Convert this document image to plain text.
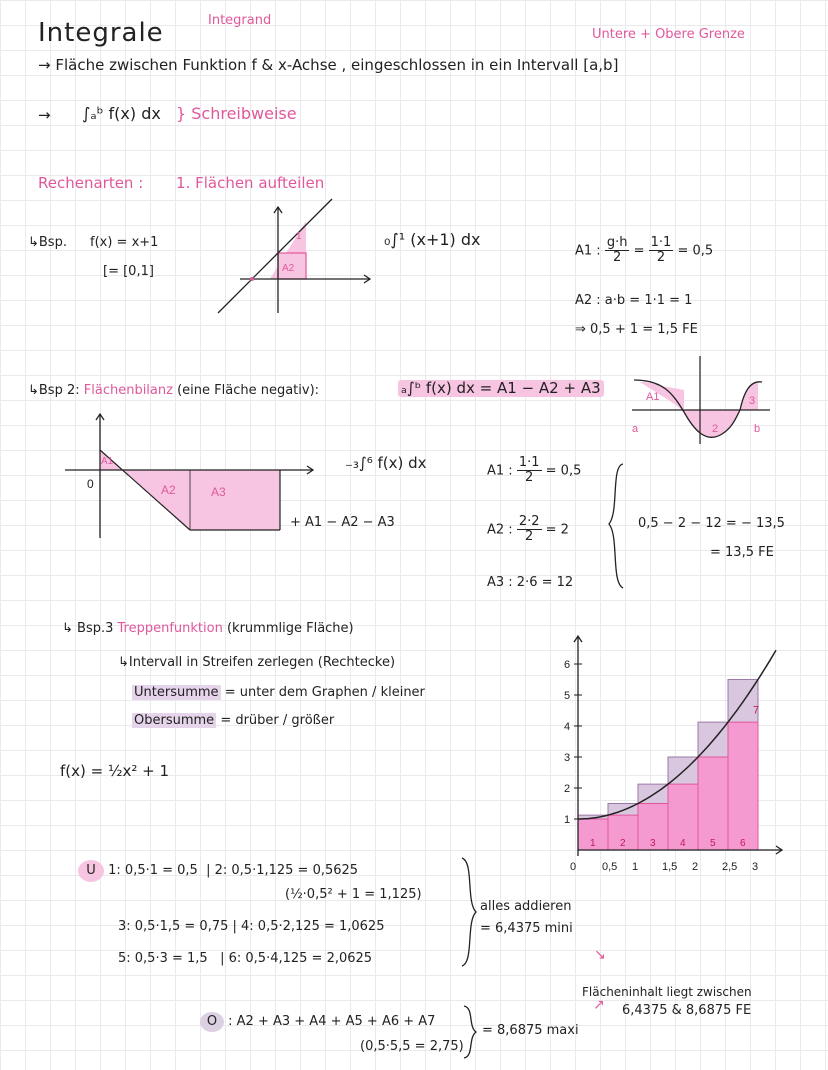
Integrale	Integrand
Untere + Obere Grenze
→ Fläche zwischen Funktion f & x-Achse , eingeschlossen in ein Intervall [a,b]
→ ∫ₐᵇ f(x) dx } Schreibweise
Rechenarten : 1. Flächen aufteilen
↳Bsp. f(x) = x+1
[= [0,1]
1
A2
₀∫¹ (x+1) dx
A1 : $\frac{g\cdot h}{2} = \frac{1\cdot 1}{2} = 0,5$
A2 : a·b = 1·1 = 1
⇒ 0,5 + 1 = 1,5 FE
↳Bsp 2: Flächenbilanz (eine Fläche negativ):	ₐ∫ᵇ f(x) dx = A1 − A2 + A3	A1
2
3
a	b
0
A1
A2	A3
₋₃∫⁶ f(x) dx
+ A1 − A2 − A3
A1 : $\frac{1\cdot 1}{2} = 0,5$
A2 : $\frac{2\cdot 2}{2} = 2$
A3 : 2·6 = 12
0,5 − 2 − 12 = − 13,5
= 13,5 FE
↳ Bsp.3 Treppenfunktion (krummlige Fläche)
↳Intervall in Streifen zerlegen (Rechtecke)
Untersumme = unter dem Graphen / kleiner
Obersumme = drüber / größer
f(x) = ½x² + 1
1
2
3
4
5
6
0 0,5 1 1,5 2 2,5 3
1 2 3 4 5 6
7
U 1: 0,5·1 = 0,5 | 2: 0,5·1,125 = 0,5625
(½·0,5² + 1 = 1,125)
3: 0,5·1,5 = 0,75 | 4: 0,5·2,125 = 1,0625
5: 0,5·3 = 1,5 | 6: 0,5·4,125 = 2,0625
alles addieren
= 6,4375 mini
O : A2 + A3 + A4 + A5 + A6 + A7
(0,5·5,5 = 2,75)
= 8,6875 maxi
↘
↗
Flächeninhalt liegt zwischen
6,4375 & 8,6875 FE
